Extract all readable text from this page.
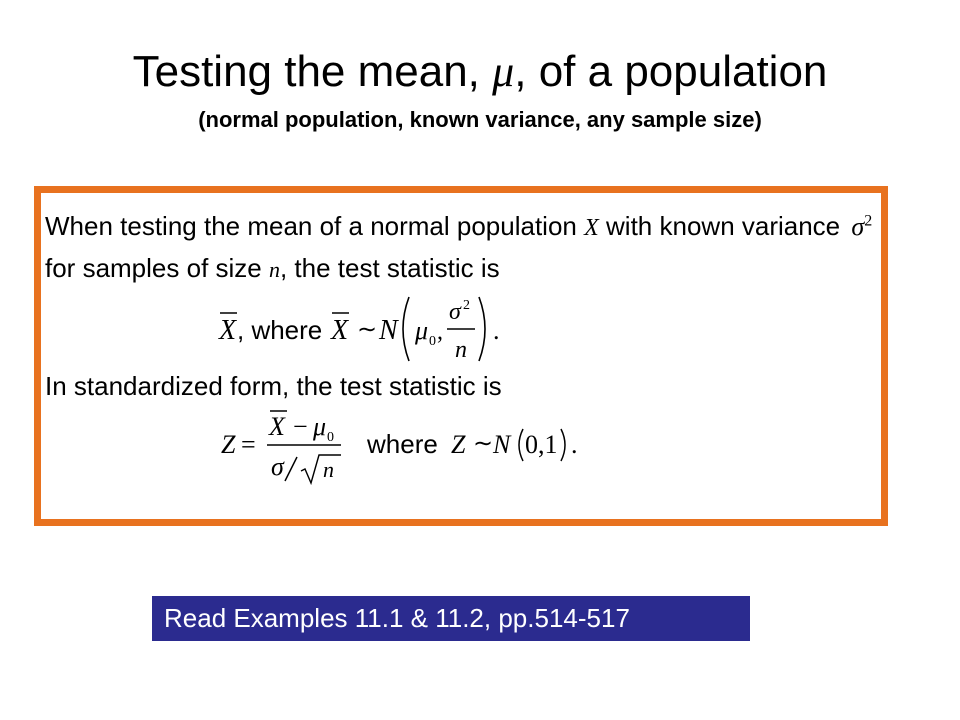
Testing the mean, μ, of a population
(normal population, known variance, any sample size)
When testing the mean of a normal population X with known variance $\sigma^2$
for samples of size n, the test statistic is
X , where X ∼ N μ 0 ,
σ 2
n
.
In standardized form, the test statistic is
Z =
X − μ 0
σ n
where Z ∼ N 0,1 .
Read Examples 11.1 & 11.2, pp.514-517
